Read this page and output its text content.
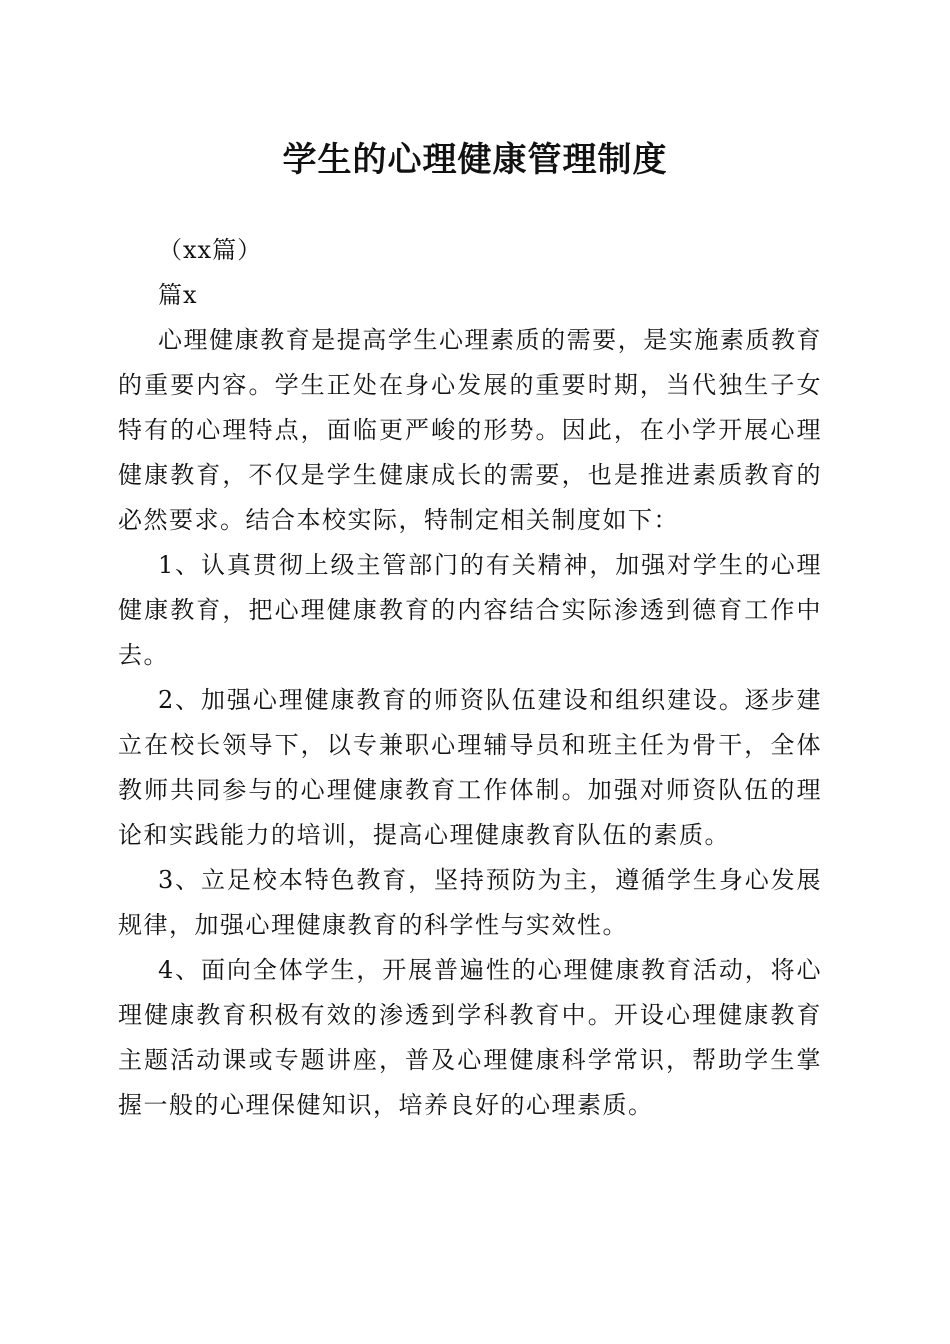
学生的心理健康管理制度

（xx篇）

篇x

心理健康教育是提高学生心理素质的需要，是实施素质教育的重要内容。学生正处在身心发展的重要时期，当代独生子女特有的心理特点，面临更严峻的形势。因此，在小学开展心理健康教育，不仅是学生健康成长的需要，也是推进素质教育的必然要求。结合本校实际，特制定相关制度如下：

1、认真贯彻上级主管部门的有关精神，加强对学生的心理健康教育，把心理健康教育的内容结合实际渗透到德育工作中去。

2、加强心理健康教育的师资队伍建设和组织建设。逐步建立在校长领导下，以专兼职心理辅导员和班主任为骨干，全体教师共同参与的心理健康教育工作体制。加强对师资队伍的理论和实践能力的培训，提高心理健康教育队伍的素质。

3、立足校本特色教育，坚持预防为主，遵循学生身心发展规律，加强心理健康教育的科学性与实效性。

4、面向全体学生，开展普遍性的心理健康教育活动，将心理健康教育积极有效的渗透到学科教育中。开设心理健康教育主题活动课或专题讲座，普及心理健康科学常识，帮助学生掌握一般的心理保健知识，培养良好的心理素质。
